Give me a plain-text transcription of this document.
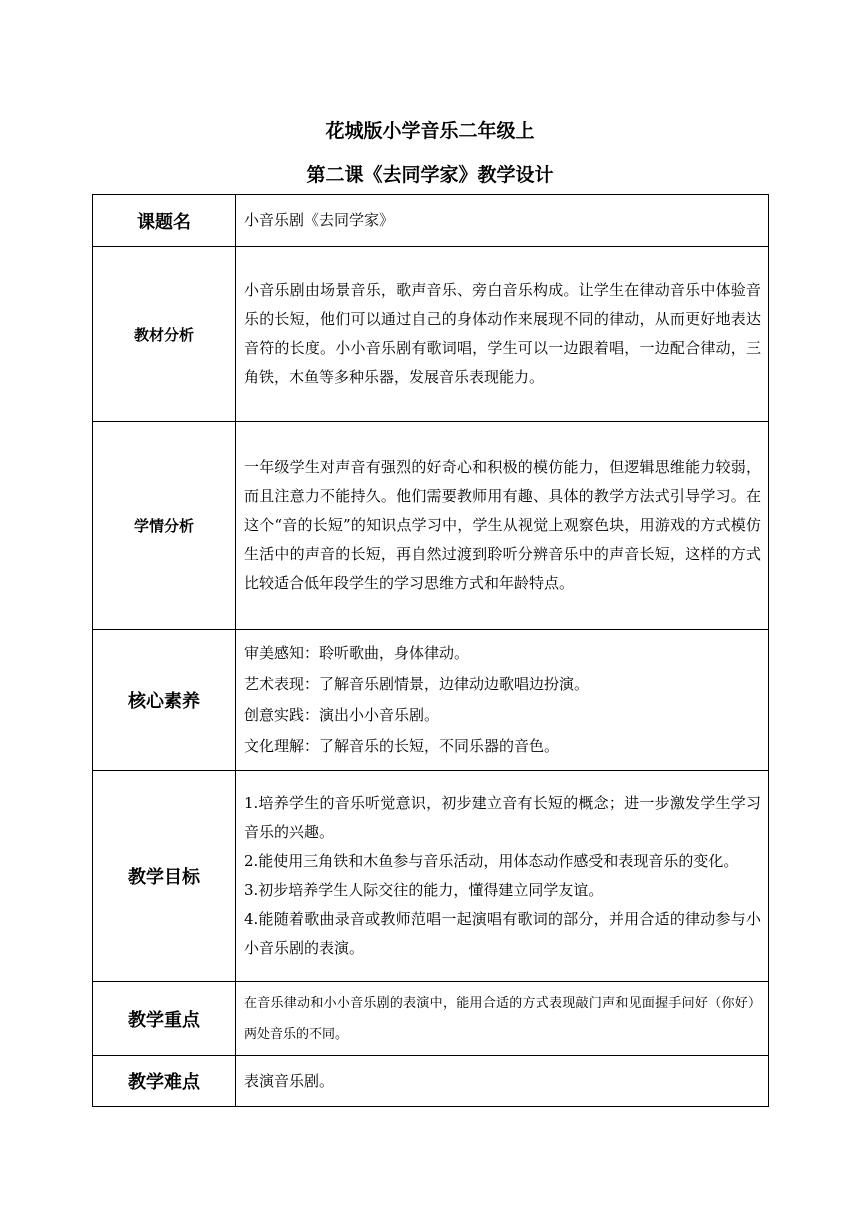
花城版小学音乐二年级上
第二课《去同学家》教学设计
课题名	小音乐剧《去同学家》
教材分析	小音乐剧由场景音乐，歌声音乐、旁白音乐构成。让学生在律动音乐中体验音乐的长短，他们可以通过自己的身体动作来展现不同的律动，从而更好地表达音符的长度。小小音乐剧有歌词唱，学生可以一边跟着唱，一边配合律动，三角铁，木鱼等多种乐器，发展音乐表现能力。
学情分析	一年级学生对声音有强烈的好奇心和积极的模仿能力，但逻辑思维能力较弱，而且注意力不能持久。他们需要教师用有趣、具体的教学方法式引导学习。在这个“音的长短”的知识点学习中，学生从视觉上观察色块，用游戏的方式模仿生活中的声音的长短，再自然过渡到聆听分辨音乐中的声音长短，这样的方式比较适合低年段学生的学习思维方式和年龄特点。
核心素养	审美感知：聆听歌曲，身体律动。

艺术表现：了解音乐剧情景，边律动边歌唱边扮演。

创意实践：演出小小音乐剧。

文化理解：了解音乐的长短，不同乐器的音色。

教学目标	1.培养学生的音乐听觉意识，初步建立音有长短的概念；进一步激发学生学习音乐的兴趣。

2.能使用三角铁和木鱼参与音乐活动，用体态动作感受和表现音乐的变化。

3.初步培养学生人际交往的能力，懂得建立同学友谊。

4.能随着歌曲录音或教师范唱一起演唱有歌词的部分，并用合适的律动参与小小音乐剧的表演。

教学重点	在音乐律动和小小音乐剧的表演中，能用合适的方式表现敲门声和见面握手问好（你好）两处音乐的不同。
教学难点	表演音乐剧。
